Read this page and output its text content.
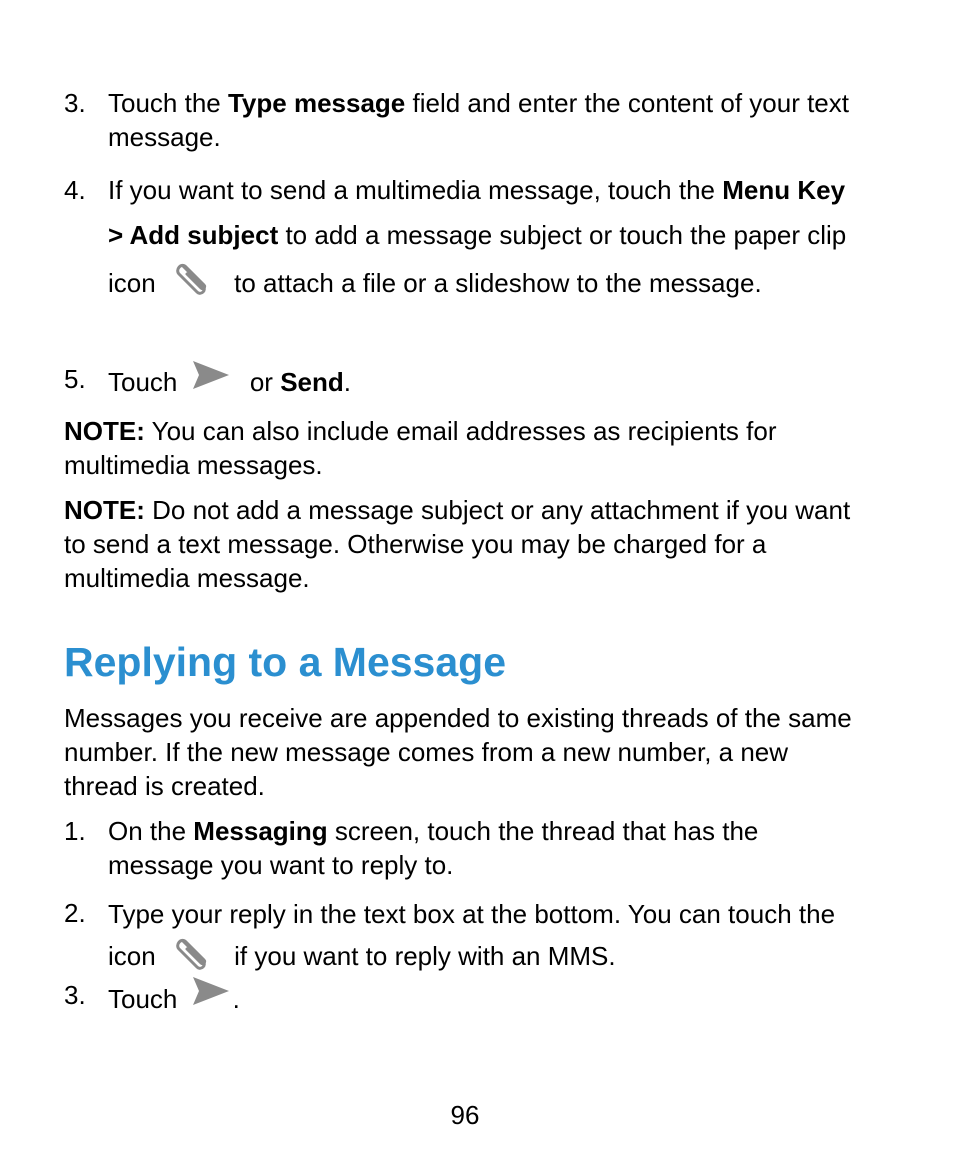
3. Touch the Type message field and enter the content of your text message.

4. If you want to send a multimedia message, touch the Menu Key > Add subject to add a message subject or touch the paper clip icon  to attach a file or a slideshow to the message.

5. Touch  or Send.

NOTE: You can also include email addresses as recipients for multimedia messages.

NOTE: Do not add a message subject or any attachment if you want to send a text message. Otherwise you may be charged for a multimedia message.

Replying to a Message

Messages you receive are appended to existing threads of the same number. If the new message comes from a new number, a new thread is created.

1. On the Messaging screen, touch the thread that has the message you want to reply to.

2. Type your reply in the text box at the bottom. You can touch the icon  if you want to reply with an MMS.

3. Touch .

96
